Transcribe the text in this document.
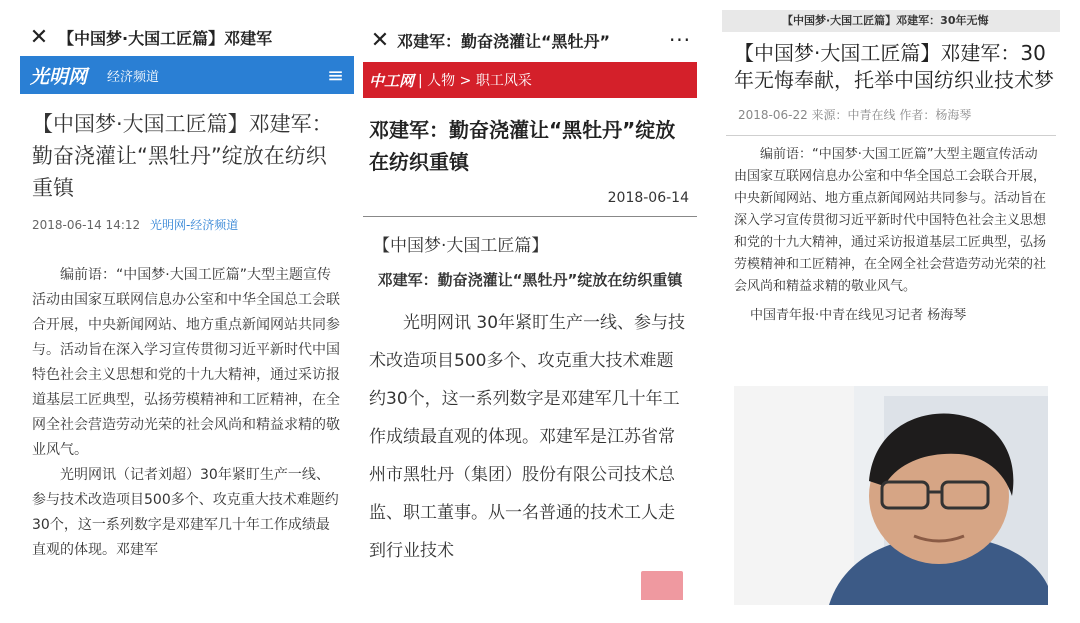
✕ 【中国梦·大国工匠篇】邓建军
光明网 经济频道	≡
【中国梦·大国工匠篇】邓建军：勤奋浇灌让“黑牡丹”绽放在纺织重镇
2018-06-14 14:12 光明网-经济频道

编前语：“中国梦·大国工匠篇”大型主题宣传活动由国家互联网信息办公室和中华全国总工会联合开展，中央新闻网站、地方重点新闻网站共同参与。活动旨在深入学习宣传贯彻习近平新时代中国特色社会主义思想和党的十九大精神，通过采访报道基层工匠典型，弘扬劳模精神和工匠精神，在全网全社会营造劳动光荣的社会风尚和精益求精的敬业风气。

光明网讯（记者刘超）30年紧盯生产一线、参与技术改造项目500多个、攻克重大技术难题约30个，这一系列数字是邓建军几十年工作成绩最直观的体现。邓建军

✕ 邓建军：勤奋浇灌让“黑牡丹”	···
中工网 | 人物 > 职工风采
邓建军：勤奋浇灌让“黑牡丹”绽放在纺织重镇
2018-06-14
【中国梦·大国工匠篇】
邓建军：勤奋浇灌让“黑牡丹”绽放在纺织重镇

光明网讯 30年紧盯生产一线、参与技术改造项目500多个、攻克重大技术难题约30个，这一系列数字是邓建军几十年工作成绩最直观的体现。邓建军是江苏省常州市黑牡丹（集团）股份有限公司技术总监、职工董事。从一名普通的技术工人走到行业技术

【中国梦·大国工匠篇】邓建军：30年无悔
【中国梦·大国工匠篇】邓建军：30年无悔奉献，托举中国纺织业技术梦
2018-06-22 来源：中青在线 作者：杨海琴

编前语：“中国梦·大国工匠篇”大型主题宣传活动由国家互联网信息办公室和中华全国总工会联合开展，中央新闻网站、地方重点新闻网站共同参与。活动旨在深入学习宣传贯彻习近平新时代中国特色社会主义思想和党的十九大精神，通过采访报道基层工匠典型，弘扬劳模精神和工匠精神，在全网全社会营造劳动光荣的社会风尚和精益求精的敬业风气。

中国青年报·中青在线见习记者 杨海琴
